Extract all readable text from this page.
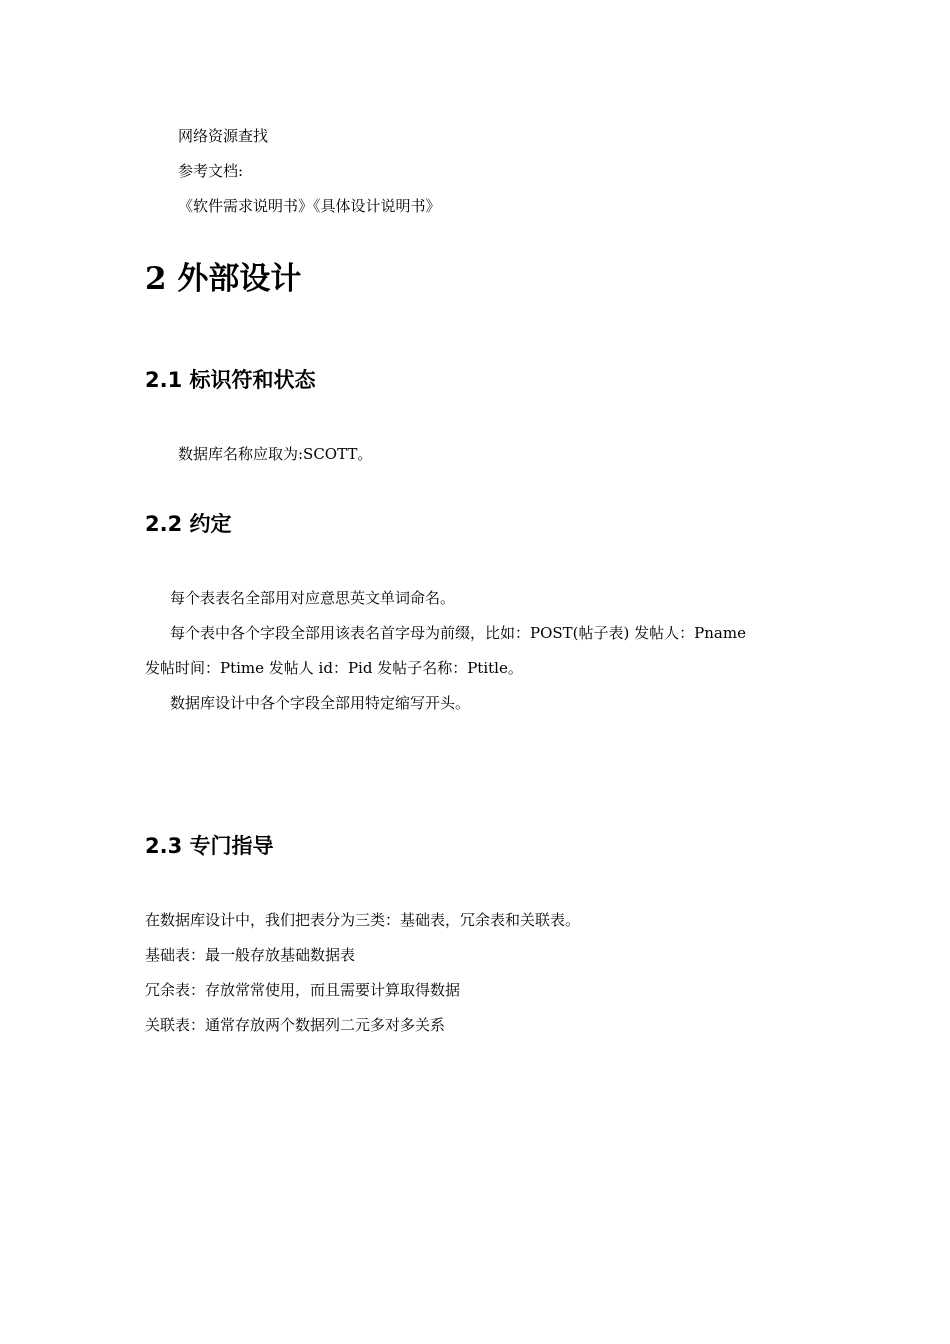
网络资源查找
参考文档:
《软件需求说明书》《具体设计说明书》
2 外部设计
2.1 标识符和状态
数据库名称应取为:SCOTT。
2.2 约定
每个表表名全部用对应意思英文单词命名。
每个表中各个字段全部用该表名首字母为前缀，比如：POST(帖子表) 发帖人：Pname
发帖时间：Ptime 发帖人 id：Pid 发帖子名称：Ptitle。
数据库设计中各个字段全部用特定缩写开头。
2.3 专门指导
在数据库设计中，我们把表分为三类：基础表，冗余表和关联表。
基础表：最一般存放基础数据表
冗余表：存放常常使用，而且需要计算取得数据
关联表：通常存放两个数据列二元多对多关系
